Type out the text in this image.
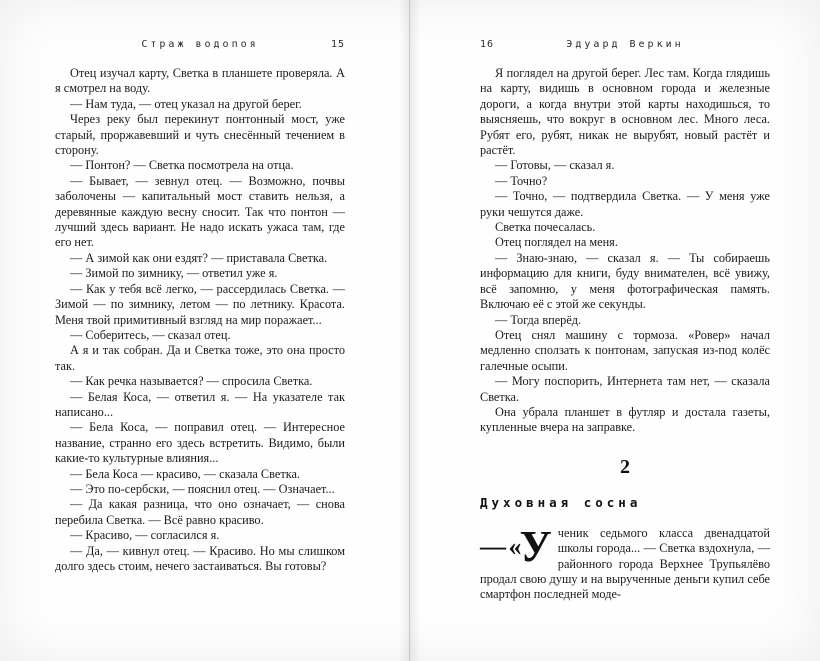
Страж водопоя	15

Отец изучал карту, Светка в планшете проверяла. А я смотрел на воду.

— Нам туда, — отец указал на другой берег.

Через реку был перекинут понтонный мост, уже старый, проржавевший и чуть снесённый течением в сторону.

— Понтон? — Светка посмотрела на отца.

— Бывает, — зевнул отец. — Возможно, почвы заболочены — капитальный мост ставить нельзя, а деревянные каждую весну сносит. Так что понтон — лучший здесь вариант. Не надо искать ужаса там, где его нет.

— А зимой как они ездят? — приставала Светка.

— Зимой по зимнику, — ответил уже я.

— Как у тебя всё легко, — рассердилась Светка. — Зимой — по зимнику, летом — по летнику. Красота. Меня твой примитивный взгляд на мир поражает...

— Соберитесь, — сказал отец.

А я и так собран. Да и Светка тоже, это она просто так.

— Как речка называется? — спросила Светка.

— Белая Коса, — ответил я. — На указателе так написано...

— Бела Коса, — поправил отец. — Интересное название, странно его здесь встретить. Видимо, были какие-то культурные влияния...

— Бела Коса — красиво, — сказала Светка.

— Это по-сербски, — пояснил отец. — Означает...

— Да какая разница, что оно означает, — снова перебила Светка. — Всё равно красиво.

— Красиво, — согласился я.

— Да, — кивнул отец. — Красиво. Но мы слишком долго здесь стоим, нечего застаиваться. Вы готовы?

16	Эдуард Веркин

Я поглядел на другой берег. Лес там. Когда глядишь на карту, видишь в основном города и железные дороги, а когда внутри этой карты находишься, то выясняешь, что вокруг в основном лес. Много леса. Рубят его, рубят, никак не вырубят, новый растёт и растёт.

— Готовы, — сказал я.

— Точно?

— Точно, — подтвердила Светка. — У меня уже руки чешутся даже.

Светка почесалась.

Отец поглядел на меня.

— Знаю-знаю, — сказал я. — Ты собираешь информацию для книги, буду внимателен, всё увижу, всё запомню, у меня фотографическая память. Включаю её с этой же секунды.

— Тогда вперёд.

Отец снял машину с тормоза. «Ровер» начал медленно сползать к понтонам, запуская из-под колёс галечные осыпи.

— Могу поспорить, Интернета там нет, — сказала Светка.

Она убрала планшет в футляр и достала газеты, купленные вчера на заправке.

2
Духовная сосна

— «У ченик седьмого класса двенадцатой школы города... — Светка вздохнула, — районного города Верхнее Трупьялёво продал свою душу и на вырученные деньги купил себе смартфон последней моде-
